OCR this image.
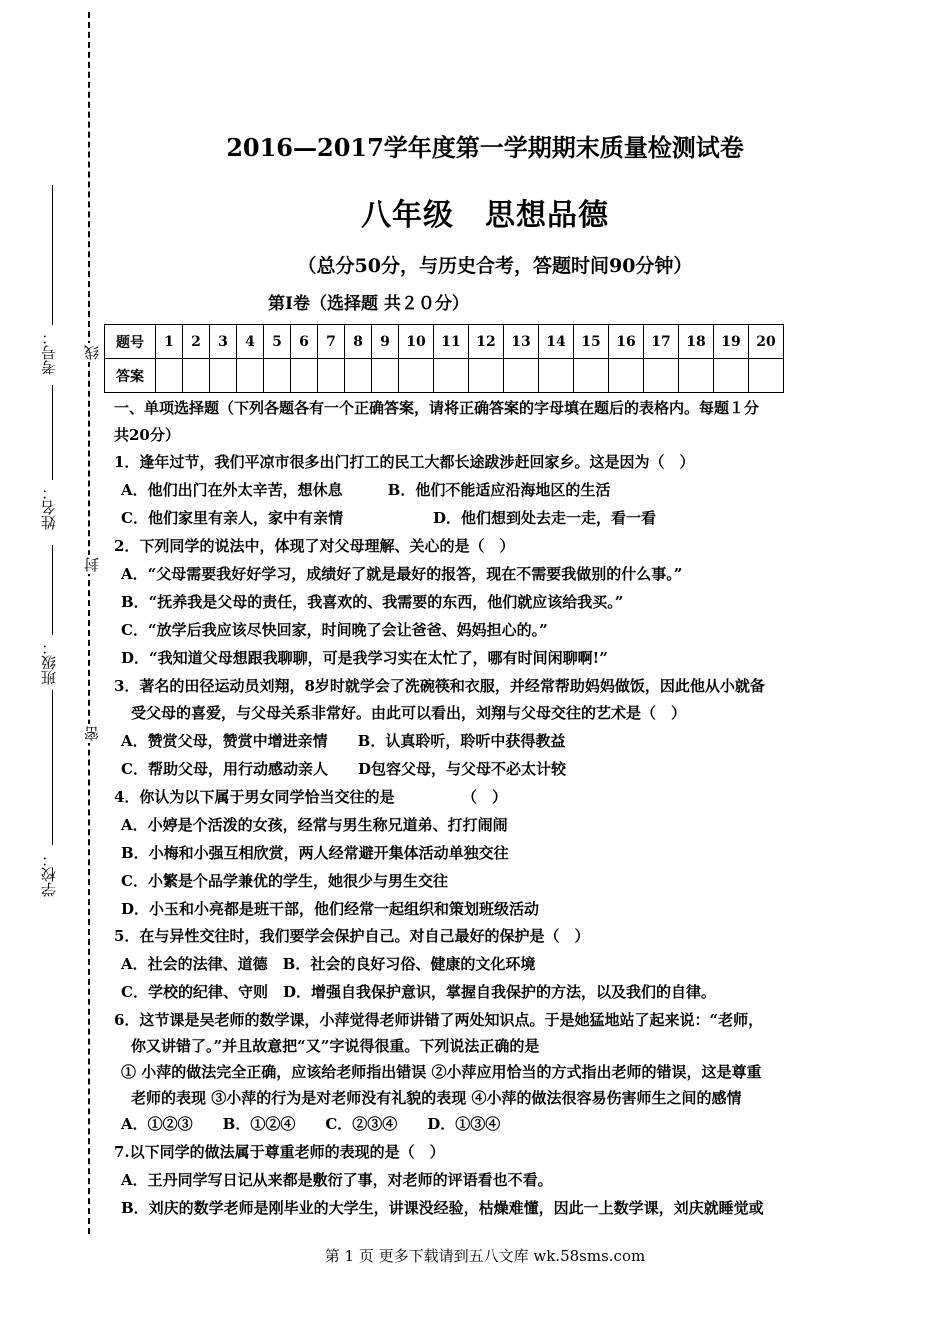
考号：
姓名：
班级：
学校：
线
封
密
2016—2017学年度第一学期期末质量检测试卷
八年级　思想品德
（总分50分，与历史合考，答题时间90分钟）
第Ⅰ卷（选择题 共２０分）
题号	1	2	3	4	5	6	7	8	9	10	11	12	13	14	15	16	17	18	19	20
答案																				
一、单项选择题（下列各题各有一个正确答案，请将正确答案的字母填在题后的表格内。每题１分
共20分）
1．逢年过节，我们平凉市很多出门打工的民工大都长途跋涉赶回家乡。这是因为（　）
A．他们出门在外太辛苦，想休息　　　B．他们不能适应沿海地区的生活
C．他们家里有亲人，家中有亲情　　　　　　D．他们想到处去走一走，看一看
2．下列同学的说法中，体现了对父母理解、关心的是（　）
A．“父母需要我好好学习，成绩好了就是最好的报答，现在不需要我做别的什么事。”
B．“抚养我是父母的责任，我喜欢的、我需要的东西，他们就应该给我买。”
C．“放学后我应该尽快回家，时间晚了会让爸爸、妈妈担心的。”
D．“我知道父母想跟我聊聊，可是我学习实在太忙了，哪有时间闲聊啊!”
3．著名的田径运动员刘翔，8岁时就学会了洗碗筷和衣服，并经常帮助妈妈做饭，因此他从小就备
受父母的喜爱，与父母关系非常好。由此可以看出，刘翔与父母交往的艺术是（　）
A．赞赏父母，赞赏中增进亲情　　B．认真聆听，聆听中获得教益
C．帮助父母，用行动感动亲人　　D包容父母，与父母不必太计较
4．你认为以下属于男女同学恰当交往的是　　　　　（　）
A．小婷是个活泼的女孩，经常与男生称兄道弟、打打闹闹
B．小梅和小强互相欣赏，两人经常避开集体活动单独交往
C．小繁是个品学兼优的学生，她很少与男生交往
D．小玉和小亮都是班干部，他们经常一起组织和策划班级活动
5．在与异性交往时，我们要学会保护自己。对自己最好的保护是（　）
A．社会的法律、道德　B．社会的良好习俗、健康的文化环境
C．学校的纪律、守则　D．增强自我保护意识，掌握自我保护的方法，以及我们的自律。
6．这节课是吴老师的数学课，小萍觉得老师讲错了两处知识点。于是她猛地站了起来说：“老师，
你又讲错了。”并且故意把“又”字说得很重。下列说法正确的是
① 小萍的做法完全正确，应该给老师指出错误 ②小萍应用恰当的方式指出老师的错误，这是尊重
老师的表现 ③小萍的行为是对老师没有礼貌的表现 ④小萍的做法很容易伤害师生之间的感情
A．①②③　　B．①②④　　C．②③④　　D．①③④
7.以下同学的做法属于尊重老师的表现的是（　）
A．王丹同学写日记从来都是敷衍了事，对老师的评语看也不看。
B．刘庆的数学老师是刚毕业的大学生，讲课没经验，枯燥难懂，因此一上数学课，刘庆就睡觉或
第 1 页 更多下载请到五八文库 wk.58sms.com
